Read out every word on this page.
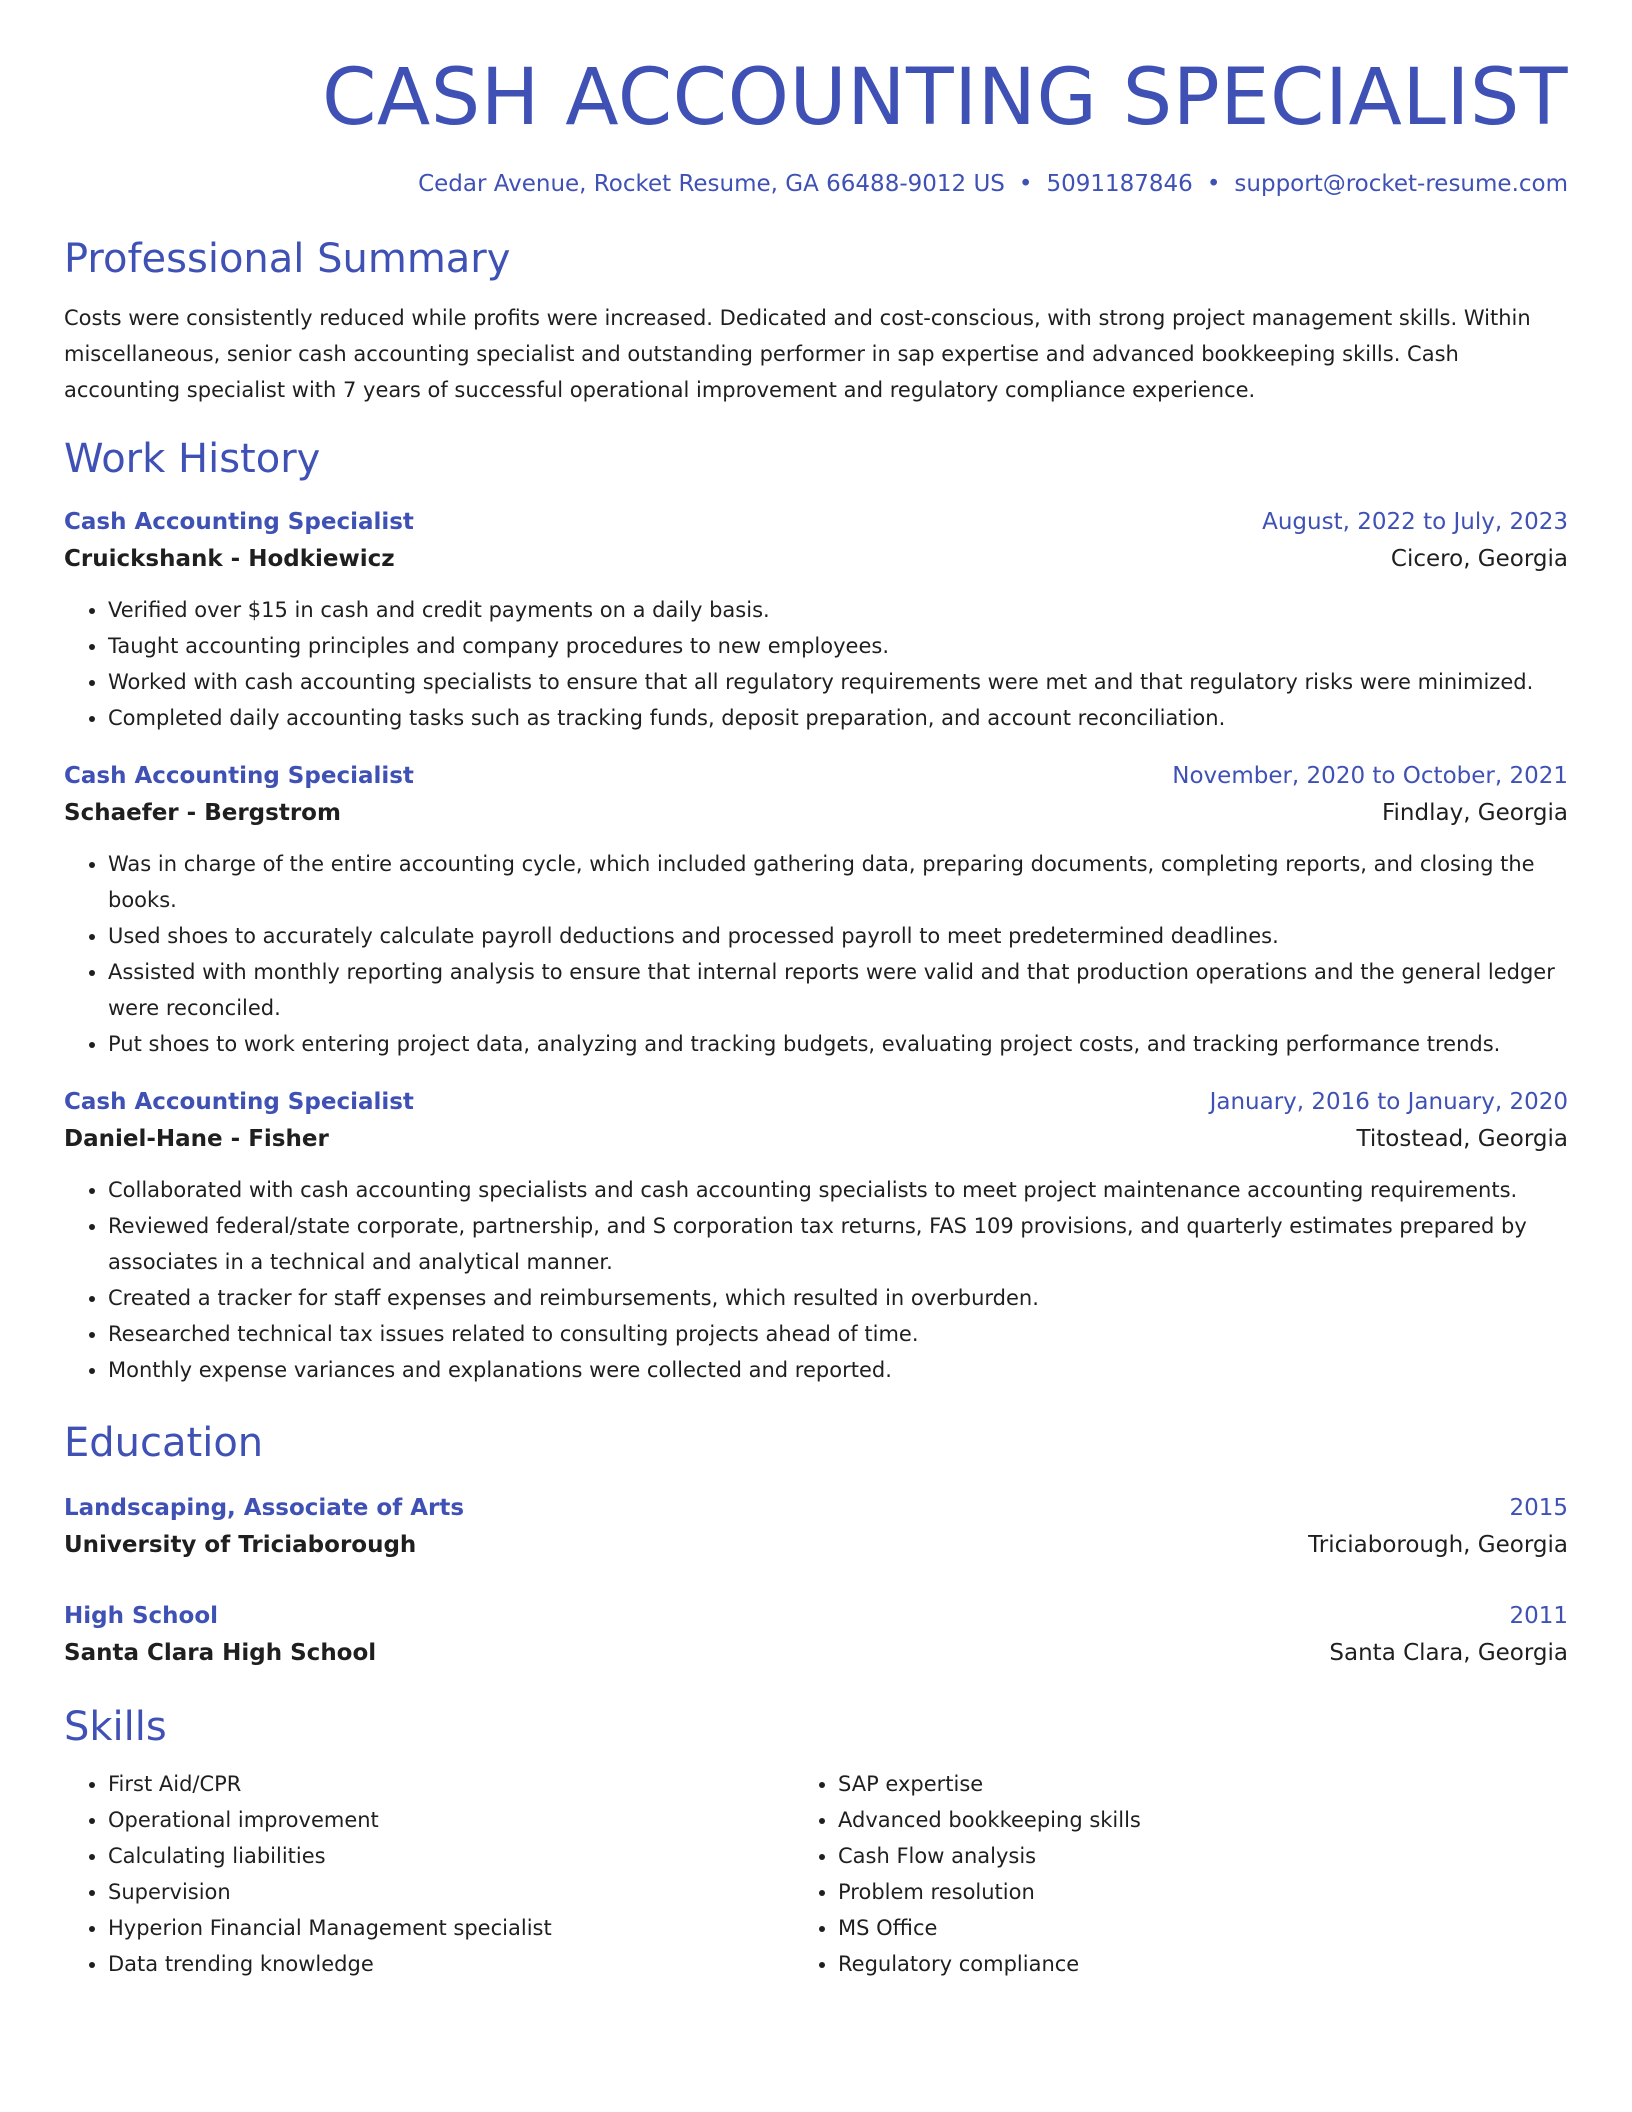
CASH ACCOUNTING SPECIALIST
Cedar Avenue, Rocket Resume, GA 66488-9012 US • 5091187846 • support@rocket-resume.com
Professional Summary
Costs were consistently reduced while profits were increased. Dedicated and cost-conscious, with strong project management skills. Within miscellaneous, senior cash accounting specialist and outstanding performer in sap expertise and advanced bookkeeping skills. Cash accounting specialist with 7 years of successful operational improvement and regulatory compliance experience.
Work History
Cash Accounting Specialist	August, 2022 to July, 2023
Cruickshank - Hodkiewicz	Cicero, Georgia
• Verified over $15 in cash and credit payments on a daily basis.
• Taught accounting principles and company procedures to new employees.
• Worked with cash accounting specialists to ensure that all regulatory requirements were met and that regulatory risks were minimized.
• Completed daily accounting tasks such as tracking funds, deposit preparation, and account reconciliation.
Cash Accounting Specialist	November, 2020 to October, 2021
Schaefer - Bergstrom	Findlay, Georgia
• Was in charge of the entire accounting cycle, which included gathering data, preparing documents, completing reports, and closing the books.
• Used shoes to accurately calculate payroll deductions and processed payroll to meet predetermined deadlines.
• Assisted with monthly reporting analysis to ensure that internal reports were valid and that production operations and the general ledger were reconciled.
• Put shoes to work entering project data, analyzing and tracking budgets, evaluating project costs, and tracking performance trends.
Cash Accounting Specialist	January, 2016 to January, 2020
Daniel-Hane - Fisher	Titostead, Georgia
• Collaborated with cash accounting specialists and cash accounting specialists to meet project maintenance accounting requirements.
• Reviewed federal/state corporate, partnership, and S corporation tax returns, FAS 109 provisions, and quarterly estimates prepared by associates in a technical and analytical manner.
• Created a tracker for staff expenses and reimbursements, which resulted in overburden.
• Researched technical tax issues related to consulting projects ahead of time.
• Monthly expense variances and explanations were collected and reported.
Education
Landscaping, Associate of Arts	2015
University of Triciaborough	Triciaborough, Georgia
High School	2011
Santa Clara High School	Santa Clara, Georgia
Skills
• First Aid/CPR
• Operational improvement
• Calculating liabilities
• Supervision
• Hyperion Financial Management specialist
• Data trending knowledge
• SAP expertise
• Advanced bookkeeping skills
• Cash Flow analysis
• Problem resolution
• MS Office
• Regulatory compliance
